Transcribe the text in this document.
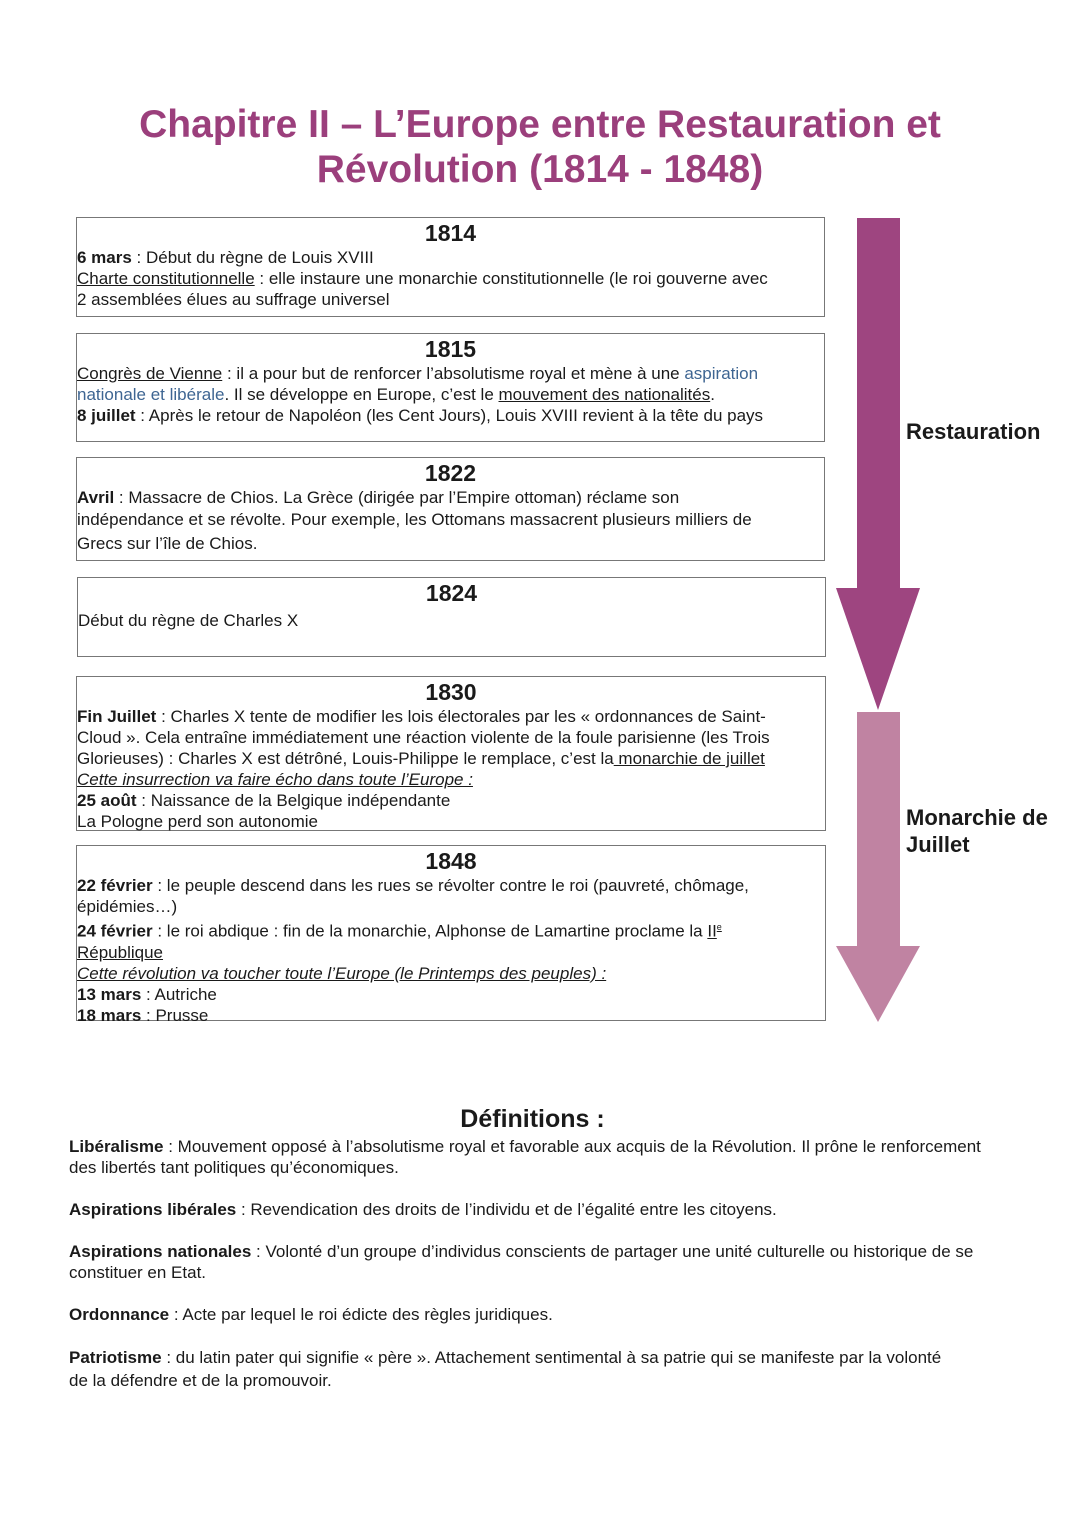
Chapitre II – L’Europe entre Restauration et
Révolution (1814 - 1848)
1814

6 mars : Début du règne de Louis XVIII

Charte constitutionnelle : elle instaure une monarchie constitutionnelle (le roi gouverne avec

2 assemblées élues au suffrage universel

1815

Congrès de Vienne : il a pour but de renforcer l’absolutisme royal et mène à une aspiration

nationale et libérale. Il se développe en Europe, c’est le mouvement des nationalités.

8 juillet : Après le retour de Napoléon (les Cent Jours), Louis XVIII revient à la tête du pays

1822

Avril : Massacre de Chios. La Grèce (dirigée par l’Empire ottoman) réclame son

indépendance et se révolte. Pour exemple, les Ottomans massacrent plusieurs milliers de

Grecs sur l’île de Chios.

1824

Début du règne de Charles X

1830

Fin Juillet : Charles X tente de modifier les lois électorales par les « ordonnances de Saint-

Cloud ». Cela entraîne immédiatement une réaction violente de la foule parisienne (les Trois

Glorieuses) : Charles X est détrôné, Louis-Philippe le remplace, c’est la monarchie de juillet

Cette insurrection va faire écho dans toute l’Europe :

25 août : Naissance de la Belgique indépendante

La Pologne perd son autonomie

1848

22 février : le peuple descend dans les rues se révolter contre le roi (pauvreté, chômage,

épidémies…)

24 février : le roi abdique : fin de la monarchie, Alphonse de Lamartine proclame la IIe

République

Cette révolution va toucher toute l’Europe (le Printemps des peuples) :

13 mars : Autriche

18 mars : Prusse

Restauration
Monarchie de Juillet
Définitions :

Libéralisme : Mouvement opposé à l’absolutisme royal et favorable aux acquis de la Révolution. Il prône le renforcement des libertés tant politiques qu’économiques.

Aspirations libérales : Revendication des droits de l’individu et de l’égalité entre les citoyens.

Aspirations nationales : Volonté d’un groupe d’individus conscients de partager une unité culturelle ou historique de se constituer en Etat.

Ordonnance : Acte par lequel le roi édicte des règles juridiques.

Patriotisme : du latin pater qui signifie « père ». Attachement sentimental à sa patrie qui se manifeste par la volonté de la défendre et de la promouvoir.
